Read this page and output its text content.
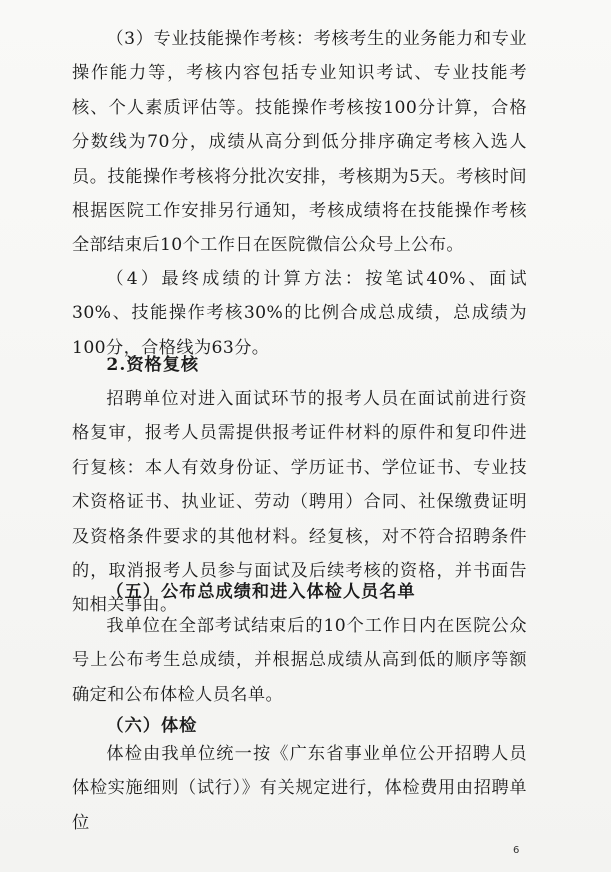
（3）专业技能操作考核：考核考生的业务能力和专业操作能力等，考核内容包括专业知识考试、专业技能考核、个人素质评估等。技能操作考核按100分计算，合格分数线为70分，成绩从高分到低分排序确定考核入选人员。技能操作考核将分批次安排，考核期为5天。考核时间根据医院工作安排另行通知，考核成绩将在技能操作考核全部结束后10个工作日在医院微信公众号上公布。

（4）最终成绩的计算方法：按笔试40%、面试30%、技能操作考核30%的比例合成总成绩，总成绩为100分，合格线为63分。

2.资格复核

招聘单位对进入面试环节的报考人员在面试前进行资格复审，报考人员需提供报考证件材料的原件和复印件进行复核：本人有效身份证、学历证书、学位证书、专业技术资格证书、执业证、劳动（聘用）合同、社保缴费证明及资格条件要求的其他材料。经复核，对不符合招聘条件的，取消报考人员参与面试及后续考核的资格，并书面告知相关事由。

（五）公布总成绩和进入体检人员名单

我单位在全部考试结束后的10个工作日内在医院公众号上公布考生总成绩，并根据总成绩从高到低的顺序等额确定和公布体检人员名单。

（六）体检

体检由我单位统一按《广东省事业单位公开招聘人员体检实施细则（试行）》有关规定进行，体检费用由招聘单位

6
